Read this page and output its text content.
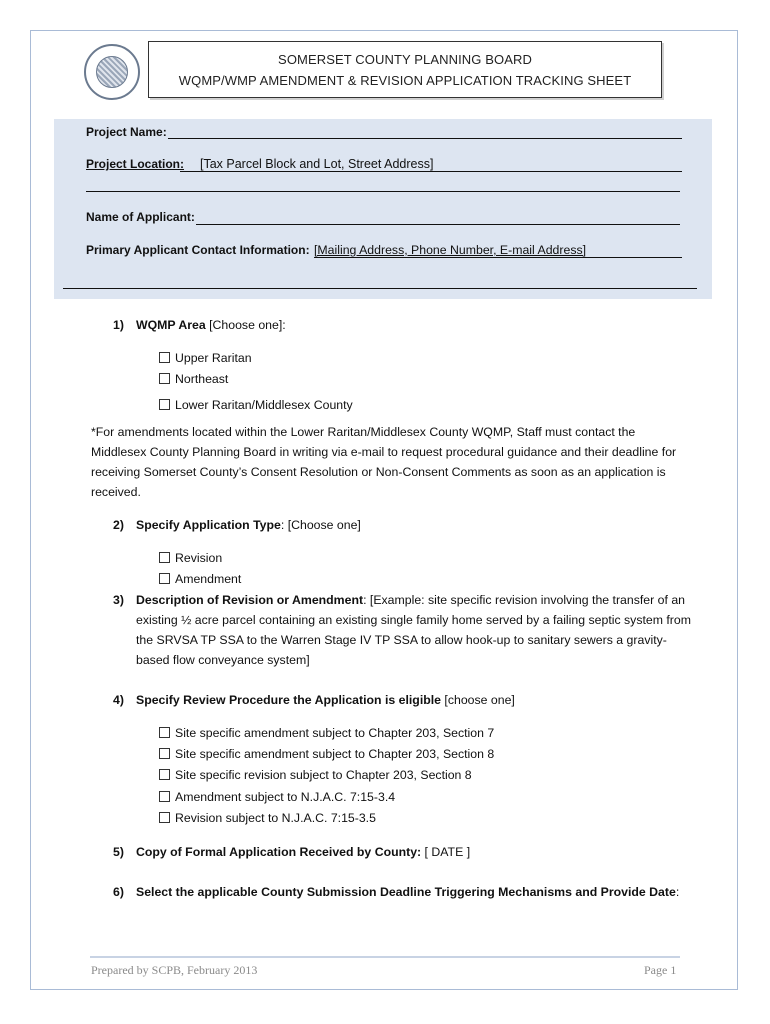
SOMERSET COUNTY PLANNING BOARD
WQMP/WMP AMENDMENT & REVISION APPLICATION TRACKING SHEET
Project Name:
Project Location: [Tax Parcel Block and Lot, Street Address]
Name of Applicant:
Primary Applicant Contact Information: [Mailing Address, Phone Number, E-mail Address]
1) WQMP Area [Choose one]:
Upper Raritan
Northeast
Lower Raritan/Middlesex County
*For amendments located within the Lower Raritan/Middlesex County WQMP, Staff must contact the Middlesex County Planning Board in writing via e-mail to request procedural guidance and their deadline for receiving Somerset County’s Consent Resolution or Non-Consent Comments as soon as an application is received.
2) Specify Application Type: [Choose one]
Revision
Amendment
3) Description of Revision or Amendment: [Example: site specific revision involving the transfer of an existing ½ acre parcel containing an existing single family home served by a failing septic system from the SRVSA TP SSA to the Warren Stage IV TP SSA to allow hook-up to sanitary sewers a gravity-based flow conveyance system]
4) Specify Review Procedure the Application is eligible [choose one]
Site specific amendment subject to Chapter 203, Section 7
Site specific amendment subject to Chapter 203, Section 8
Site specific revision subject to Chapter 203, Section 8
Amendment subject to N.J.A.C. 7:15-3.4
Revision subject to N.J.A.C. 7:15-3.5
5) Copy of Formal Application Received by County: [ DATE ]
6) Select the applicable County Submission Deadline Triggering Mechanisms and Provide Date:
Prepared by SCPB, February 2013	Page 1
